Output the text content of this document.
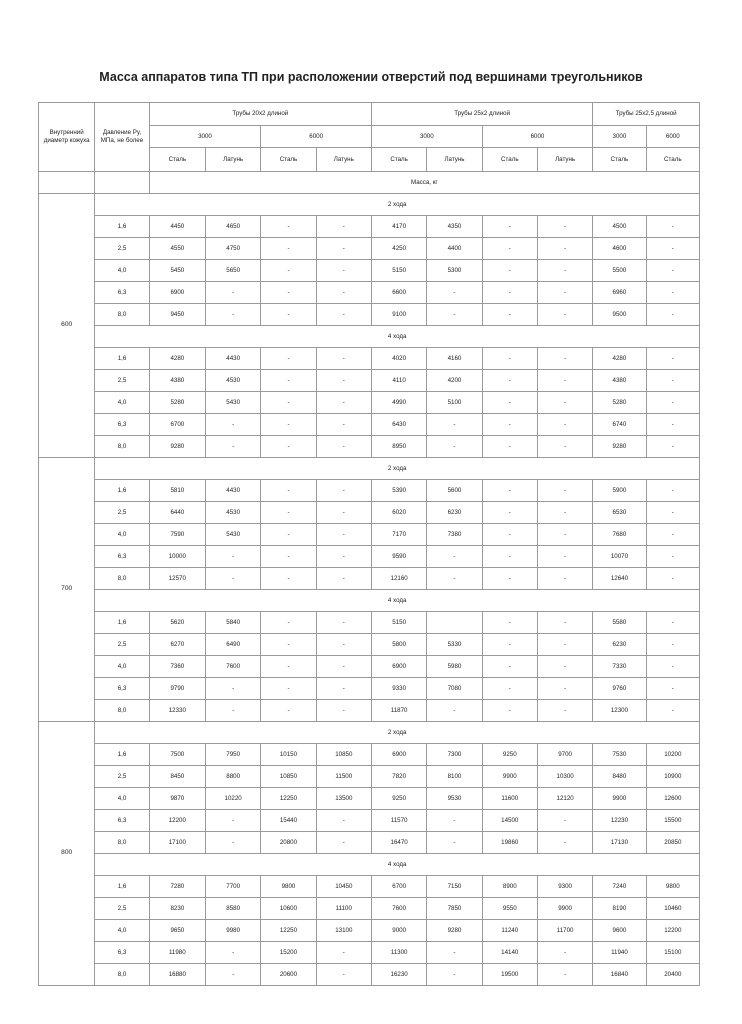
Масса аппаратов типа ТП при расположении отверстий под вершинами треугольников
Внутренний диаметр кожуха	Давление Ру, МПа, не более	Трубы 20х2 длиной				Трубы 25х2 длиной				Трубы 25х2,5 длиной	
		3000		6000		3000		6000		3000	6000
		Сталь	Латунь	Сталь	Латунь	Сталь	Латунь	Сталь	Латунь	Сталь	Сталь
		Масса, кг									
600	2 хода										
	1,6	4450	4650	-	-	4170	4350	-	-	4500	-
	2,5	4550	4750	-	-	4250	4400	-	-	4600	-
	4,0	5450	5650	-	-	5150	5300	-	-	5500	-
	6,3	6900	-	-	-	6600	-	-	-	6960	-
	8,0	9450	-	-	-	9100	-	-	-	9500	-
	4 хода										
	1,6	4280	4430	-	-	4020	4160	-	-	4280	-
	2,5	4380	4530	-	-	4110	4200	-	-	4380	-
	4,0	5280	5430	-	-	4990	5100	-	-	5280	-
	6,3	6700	-	-	-	6430	-	-	-	6740	-
	8,0	9280	-	-	-	8950	-	-	-	9280	-
700	2 хода										
	1,6	5810	4430	-	-	5390	5600	-	-	5900	-
	2,5	6440	4530	-	-	6020	6230	-	-	6530	-
	4,0	7590	5430	-	-	7170	7380	-	-	7680	-
	6,3	10000	-	-	-	9590	-	-	-	10070	-
	8,0	12570	-	-	-	12160	-	-	-	12640	-
	4 хода										
	1,6	5620	5840	-	-	5150		-	-	5580	-
	2,5	6270	6490	-	-	5800	5330	-	-	6230	-
	4,0	7360	7600	-	-	6900	5980	-	-	7330	-
	6,3	9790	-	-	-	9330	7080	-	-	9760	-
	8,0	12330	-	-	-	11870	-	-	-	12300	-
800	2 хода										
	1,6	7500	7950	10150	10850	6900	7300	9250	9700	7530	10200
	2,5	8450	8800	10850	11500	7820	8100	9900	10300	8480	10900
	4,0	9870	10220	12250	13500	9250	9530	11600	12120	9900	12600
	6,3	12200	-	15440	-	11570	-	14500	-	12230	15500
	8,0	17100	-	20800	-	16470	-	19860	-	17130	20850
	4 хода										
	1,6	7280	7700	9800	10450	6700	7150	8900	9300	7240	9800
	2,5	8230	8580	10600	11100	7600	7850	9550	9900	8190	10460
	4,0	9650	9980	12250	13100	9000	9280	11240	11700	9600	12200
	6,3	11980	-	15200	-	11300	-	14140	-	11940	15100
	8,0	16880	-	20600	-	16230	-	19500	-	16840	20400
